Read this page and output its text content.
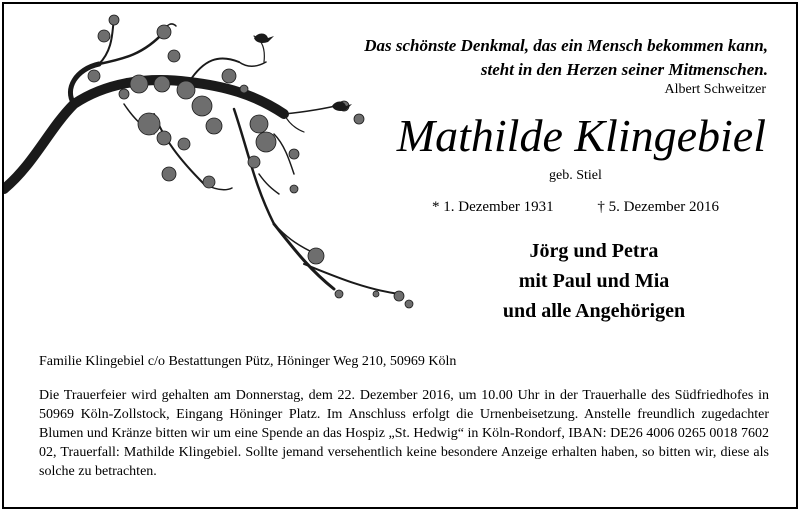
Das schönste Denkmal, das ein Mensch bekommen kann,
steht in den Herzen seiner Mitmenschen.
Albert Schweitzer
Mathilde Klingebiel
geb. Stiel
* 1. Dezember 1931	† 5. Dezember 2016
Jörg und Petra
mit Paul und Mia
und alle Angehörigen
Familie Klingebiel c/o Bestattungen Pütz, Höninger Weg 210, 50969 Köln
Die Trauerfeier wird gehalten am Donnerstag, dem 22. Dezember 2016, um 10.00 Uhr in der Trauerhalle des Südfriedhofes in 50969 Köln-Zollstock, Eingang Höninger Platz. Im Anschluss erfolgt die Urnenbeisetzung. Anstelle freundlich zugedachter Blumen und Kränze bitten wir um eine Spende an das Hospiz „St. Hedwig“ in Köln-Rondorf, IBAN: DE26 4006 0265 0018 7602 02, Trauerfall: Mathilde Klingebiel. Sollte jemand versehentlich keine besondere Anzeige erhalten haben, so bitten wir, diese als solche zu betrachten.
